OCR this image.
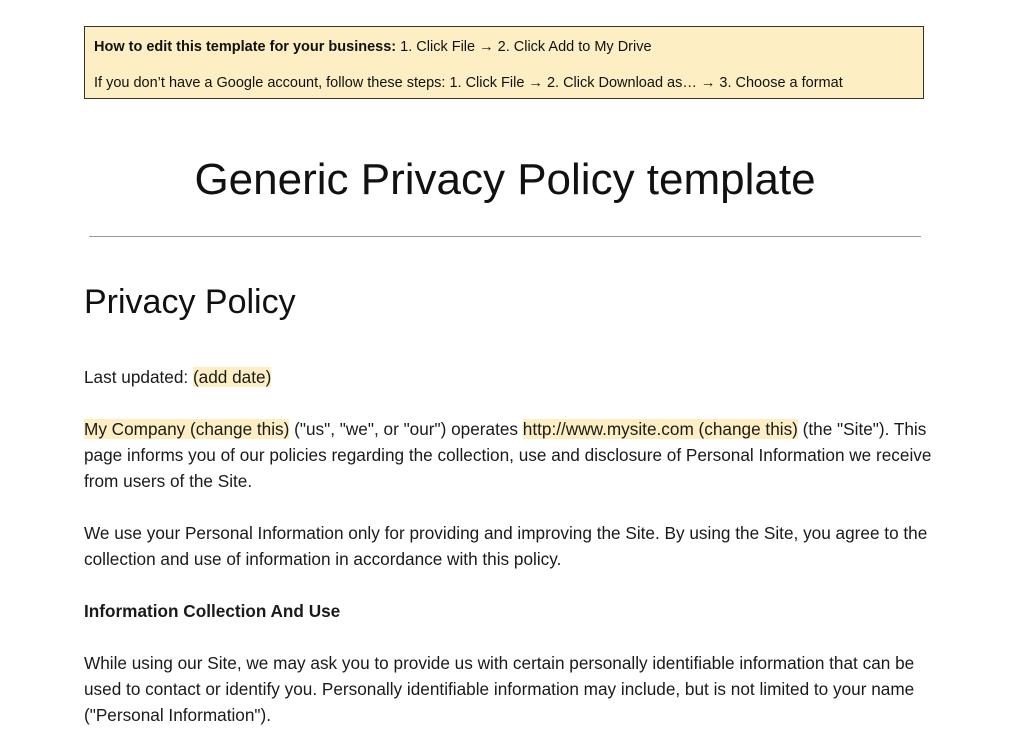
How to edit this template for your business: 1. Click File → 2. Click Add to My Drive

If you don’t have a Google account, follow these steps: 1. Click File → 2. Click Download as… → 3. Choose a format

Generic Privacy Policy template
Privacy Policy

Last updated: (add date)

My Company (change this) ("us", "we", or "our") operates http://www.mysite.com (change this) (the "Site"). This page informs you of our policies regarding the collection, use and disclosure of Personal Information we receive from users of the Site.

We use your Personal Information only for providing and improving the Site. By using the Site, you agree to the collection and use of information in accordance with this policy.

Information Collection And Use

While using our Site, we may ask you to provide us with certain personally identifiable information that can be used to contact or identify you. Personally identifiable information may include, but is not limited to your name ("Personal Information").
